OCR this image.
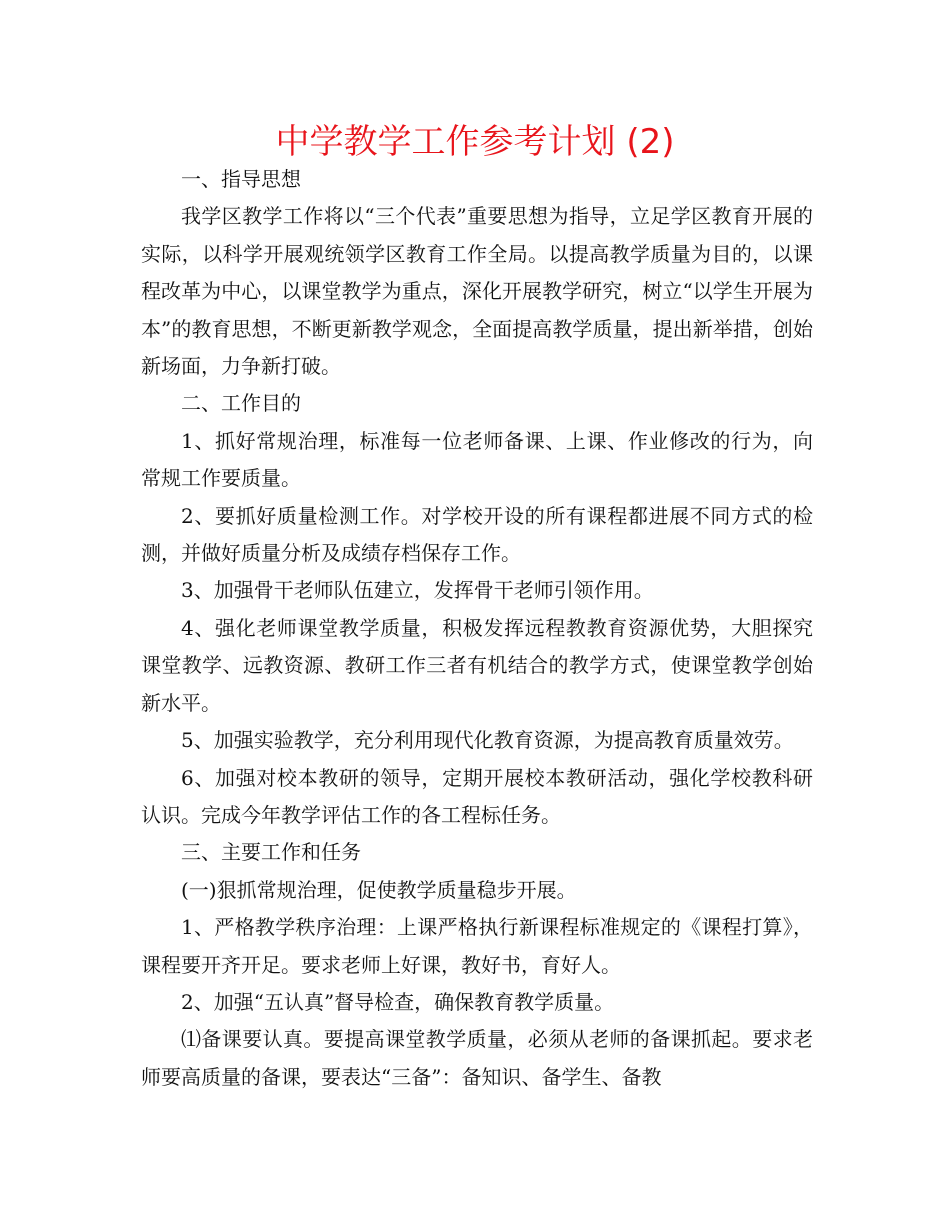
中学教学工作参考计划 (2)

一、指导思想

我学区教学工作将以“三个代表”重要思想为指导，立足学区教育开展的实际，以科学开展观统领学区教育工作全局。以提高教学质量为目的，以课程改革为中心，以课堂教学为重点，深化开展教学研究，树立“以学生开展为本”的教育思想，不断更新教学观念，全面提高教学质量，提出新举措，创始新场面，力争新打破。

二、工作目的

1、抓好常规治理，标准每一位老师备课、上课、作业修改的行为，向常规工作要质量。

2、要抓好质量检测工作。对学校开设的所有课程都进展不同方式的检测，并做好质量分析及成绩存档保存工作。

3、加强骨干老师队伍建立，发挥骨干老师引领作用。

4、强化老师课堂教学质量，积极发挥远程教教育资源优势，大胆探究课堂教学、远教资源、教研工作三者有机结合的教学方式，使课堂教学创始新水平。

5、加强实验教学，充分利用现代化教育资源，为提高教育质量效劳。

6、加强对校本教研的领导，定期开展校本教研活动，强化学校教科研认识。完成今年教学评估工作的各工程标任务。

三、主要工作和任务

(一)狠抓常规治理，促使教学质量稳步开展。

1、严格教学秩序治理：上课严格执行新课程标准规定的《课程打算》，课程要开齐开足。要求老师上好课，教好书，育好人。

2、加强“五认真”督导检查，确保教育教学质量。

⑴备课要认真。要提高课堂教学质量，必须从老师的备课抓起。要求老师要高质量的备课，要表达“三备”：备知识、备学生、备教
